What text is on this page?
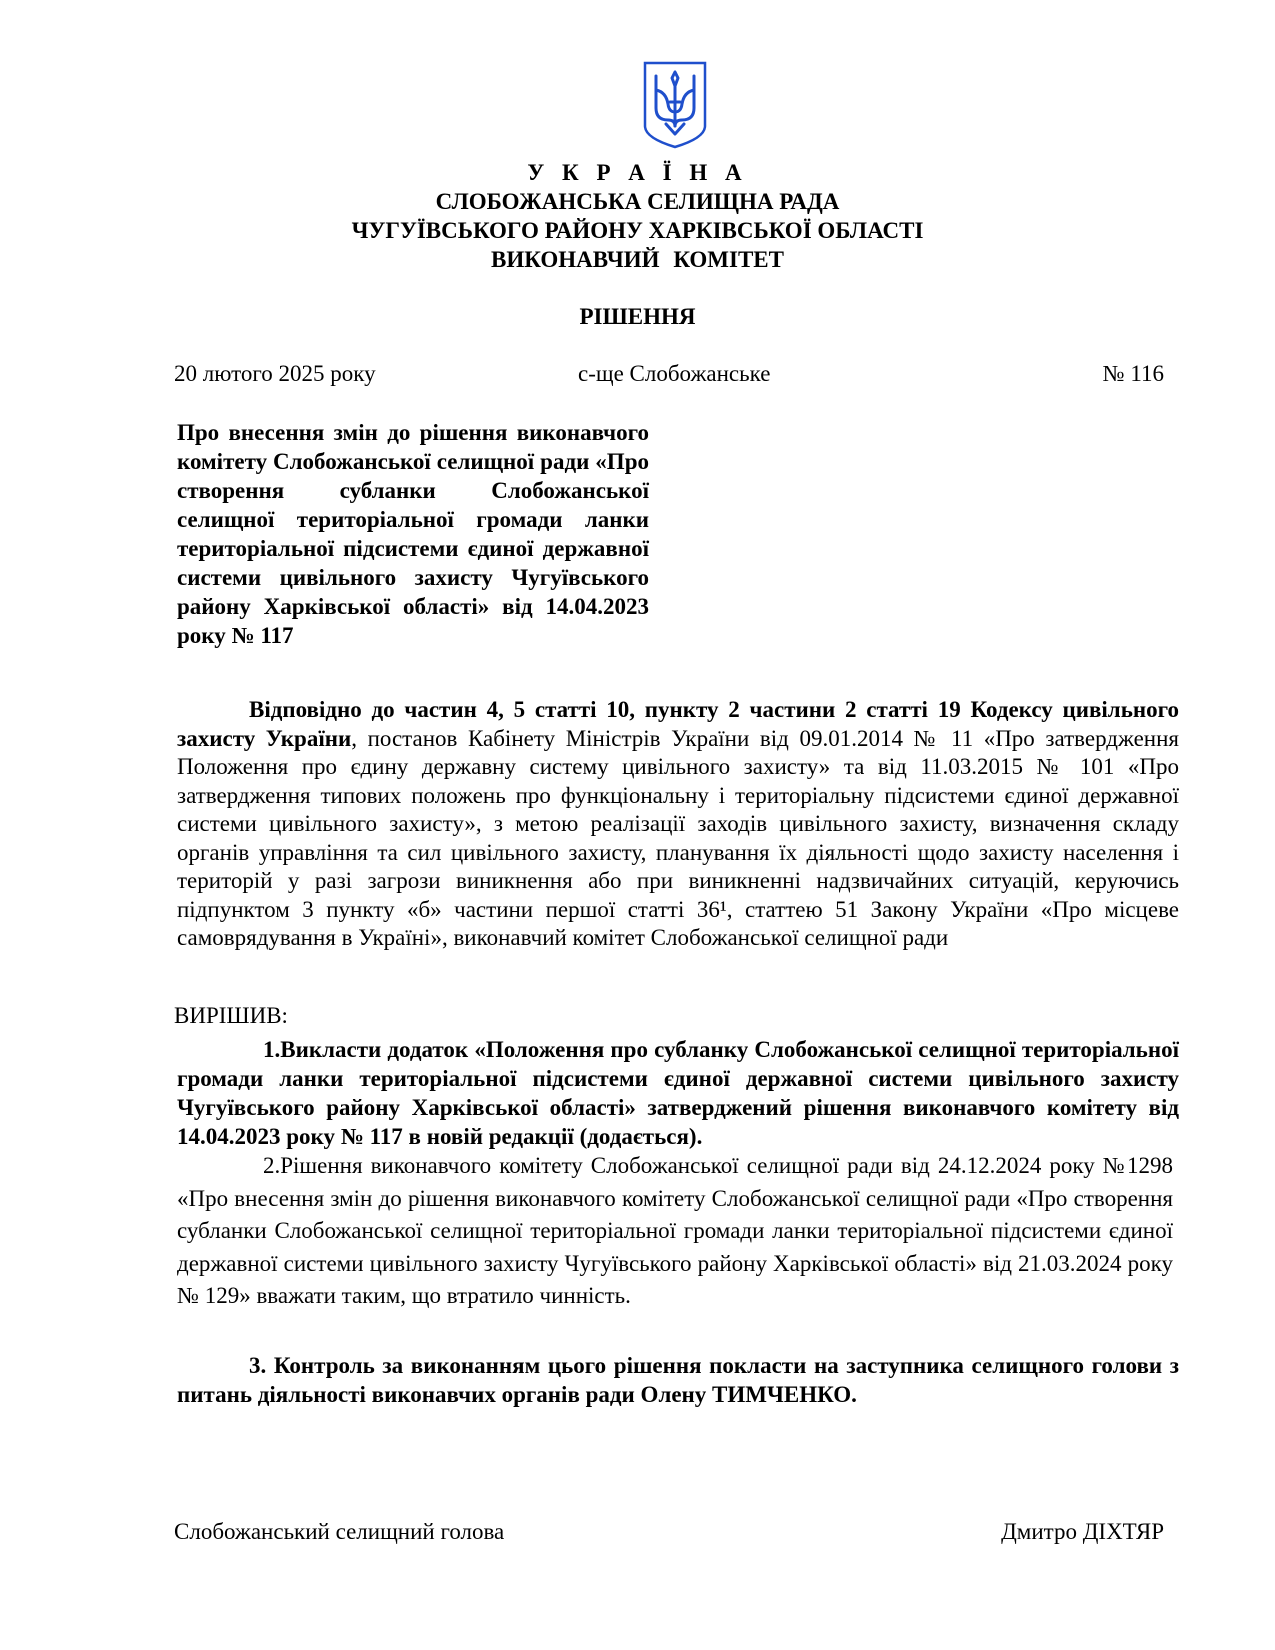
У К Р А Ї Н А
СЛОБОЖАНСЬКА СЕЛИЩНА РАДА
ЧУГУЇВСЬКОГО РАЙОНУ ХАРКІВСЬКОЇ ОБЛАСТІ
ВИКОНАВЧИЙ КОМІТЕТ
РІШЕННЯ
20 лютого 2025 року	с-ще Слобожанське	№ 116
Про внесення змін до рішення виконавчого комітету Слобожанської селищної ради «Про створення субланки Слобожанської селищної територіальної громади ланки територіальної підсистеми єдиної державної системи цивільного захисту Чугуївського району Харківської області» від 14.04.2023 року № 117

Відповідно до частин 4, 5 статті 10, пункту 2 частини 2 статті 19 Кодексу цивільного захисту України, постанов Кабінету Міністрів України від 09.01.2014 № 11 «Про затвердження Положення про єдину державну систему цивільного захисту» та від 11.03.2015 № 101 «Про затвердження типових положень про функціональну і територіальну підсистеми єдиної державної системи цивільного захисту», з метою реалізації заходів цивільного захисту, визначення складу органів управління та сил цивільного захисту, планування їх діяльності щодо захисту населення і територій у разі загрози виникнення або при виникненні надзвичайних ситуацій, керуючись підпунктом 3 пункту «б» частини першої статті 36¹, статтею 51 Закону України «Про місцеве самоврядування в Україні», виконавчий комітет Слобожанської селищної ради

ВИРІШИВ:

1.Викласти додаток «Положення про субланку Слобожанської селищної територіальної громади ланки територіальної підсистеми єдиної державної системи цивільного захисту Чугуївського району Харківської області» затверджений рішення виконавчого комітету від 14.04.2023 року № 117 в новій редакції (додається).

2.Рішення виконавчого комітету Слобожанської селищної ради від 24.12.2024 року №1298 «Про внесення змін до рішення виконавчого комітету Слобожанської селищної ради «Про створення субланки Слобожанської селищної територіальної громади ланки територіальної підсистеми єдиної державної системи цивільного захисту Чугуївського району Харківської області» від 21.03.2024 року № 129» вважати таким, що втратило чинність.

3. Контроль за виконанням цього рішення покласти на заступника селищного голови з питань діяльності виконавчих органів ради Олену ТИМЧЕНКО.

Слобожанський селищний голова	Дмитро ДІХТЯР
